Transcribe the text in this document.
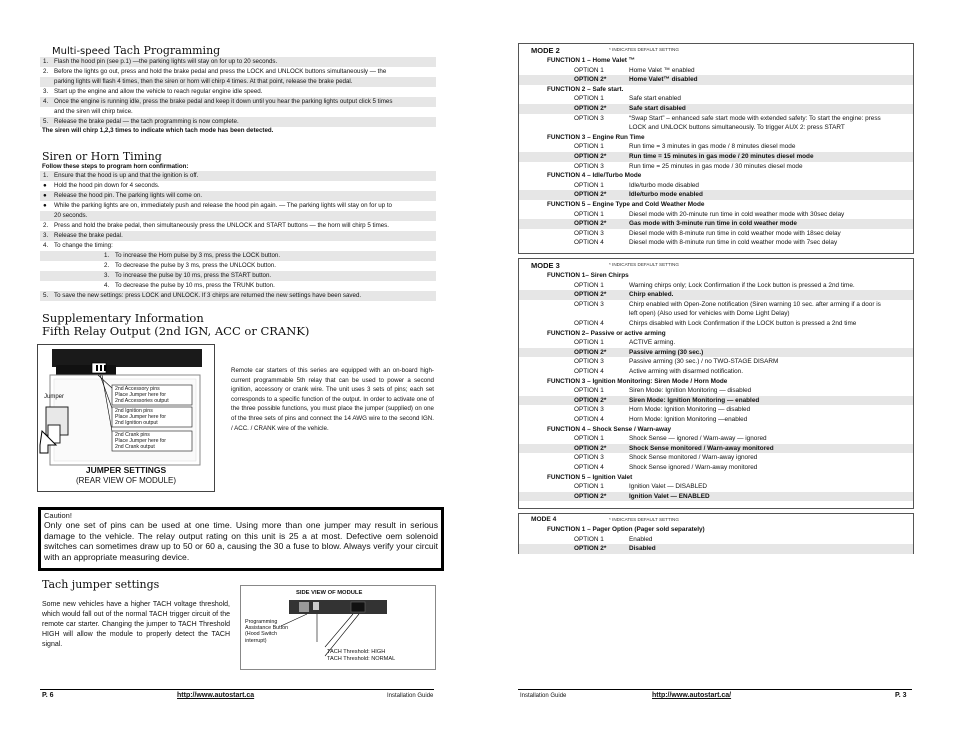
Multi-speed Tach Programming
1. Flash the hood pin (see p.1) —the parking lights will stay on for up to 20 seconds.
2. Before the lights go out, press and hold the brake pedal and press the LOCK and UNLOCK buttons simultaneously — the
parking lights will flash 4 times, then the siren or horn will chirp 4 times. At that point, release the brake pedal.
3. Start up the engine and allow the vehicle to reach regular engine idle speed.
4. Once the engine is running idle, press the brake pedal and keep it down until you hear the parking lights output click 5 times
and the siren will chirp twice.
5. Release the brake pedal — the tach programming is now complete.
The siren will chirp 1,2,3 times to indicate which tach mode has been detected.
Siren or Horn Timing
Follow these steps to program horn confirmation:
1. Ensure that the hood is up and that the ignition is off.
● Hold the hood pin down for 4 seconds.
● Release the hood pin. The parking lights will come on.
● While the parking lights are on, immediately push and release the hood pin again. — The parking lights will stay on for up to
20 seconds.
2. Press and hold the brake pedal, then simultaneously press the UNLOCK and START buttons — the horn will chirp 5 times.
3. Release the brake pedal.
4. To change the timing:
1. To increase the Horn pulse by 3 ms, press the LOCK button.
2. To decrease the pulse by 3 ms, press the UNLOCK button.
3. To increase the pulse by 10 ms, press the START button.
4. To decrease the pulse by 10 ms, press the TRUNK button.
5. To save the new settings: press LOCK and UNLOCK. If 3 chirps are returned the new settings have been saved.
Supplementary Information
Fifth Relay Output (2nd IGN, ACC or CRANK)
Jumper
2nd Accessory pins
Place Jumper here for
2nd Accessories output
2nd Ignition pins
Place Jumper here for
2nd Ignition output
2nd Crank pins
Place Jumper here for
2nd Crank output
JUMPER SETTINGS
(REAR VIEW OF MODULE)
Remote car starters of this series are equipped with an on-board high-current programmable 5th relay that can be used to power a second ignition, accessory or crank wire. The unit uses 3 sets of pins; each set corresponds to a specific function of the output. In order to activate one of the three possible functions, you must place the jumper (supplied) on one of the three sets of pins and connect the 14 AWG wire to the second IGN. / ACC. / CRANK wire of the vehicle.
Caution!
Only one set of pins can be used at one time. Using more than one jumper may result in serious damage to the vehicle. The relay output rating on this unit is 25 a at most. Defective oem solenoid switches can sometimes draw up to 50 or 60 a, causing the 30 a fuse to blow. Always verify your circuit with an appropriate measuring device.
Tach jumper settings
Some new vehicles have a higher TACH voltage threshold, which would fall out of the normal TACH trigger circuit of the remote car starter. Changing the jumper to TACH Threshold HIGH will allow the module to properly detect the TACH signal.
SIDE VIEW OF MODULE
Programming
Assistance Button
(Hood Switch
interrupt)
TACH Threshold: HIGH
TACH Threshold: NORMAL
P. 6	http://www.autostart.ca	Installation Guide
MODE 2	* INDICATES DEFAULT SETTING
FUNCTION 1 – Home Valet ™
OPTION 1	Home Valet ™ enabled
OPTION 2*	Home Valet™ disabled
FUNCTION 2 – Safe start.
OPTION 1	Safe start enabled
OPTION 2*	Safe start disabled
OPTION 3	“Swap Start” – enhanced safe start mode with extended safety: To start the engine: press
LOCK and UNLOCK buttons simultaneously. To trigger AUX 2: press START
FUNCTION 3 – Engine Run Time
OPTION 1	Run time = 3 minutes in gas mode / 8 minutes diesel mode
OPTION 2*	Run time = 15 minutes in gas mode / 20 minutes diesel mode
OPTION 3	Run time = 25 minutes in gas mode / 30 minutes diesel mode
FUNCTION 4 – Idle/Turbo Mode
OPTION 1	Idle/turbo mode disabled
OPTION 2*	Idle/turbo mode enabled
FUNCTION 5 – Engine Type and Cold Weather Mode
OPTION 1	Diesel mode with 20-minute run time in cold weather mode with 30sec delay
OPTION 2*	Gas mode with 3-minute run time in cold weather mode
OPTION 3	Diesel mode with 8-minute run time in cold weather mode with 18sec delay
OPTION 4	Diesel mode with 8-minute run time in cold weather mode with 7sec delay
MODE 3	* INDICATES DEFAULT SETTING
FUNCTION 1– Siren Chirps
OPTION 1	Warning chirps only; Lock Confirmation if the Lock button is pressed a 2nd time.
OPTION 2*	Chirp enabled.
OPTION 3	Chirp enabled with Open-Zone notification (Siren warning 10 sec. after arming if a door is
left open) (Also used for vehicles with Dome Light Delay)
OPTION 4	Chirps disabled with Lock Confirmation if the LOCK button is pressed a 2nd time
FUNCTION 2– Passive or active arming
OPTION 1	ACTIVE arming.
OPTION 2*	Passive arming (30 sec.)
OPTION 3	Passive arming (30 sec.) / no TWO-STAGE DISARM
OPTION 4	Active arming with disarmed notification.
FUNCTION 3 – Ignition Monitoring: Siren Mode / Horn Mode
OPTION 1	Siren Mode: Ignition Monitoring — disabled
OPTION 2*	Siren Mode: Ignition Monitoring — enabled
OPTION 3	Horn Mode: Ignition Monitoring — disabled
OPTION 4	Horn Mode: Ignition Monitoring —enabled
FUNCTION 4 – Shock Sense / Warn-away
OPTION 1	Shock Sense — ignored / Warn-away — ignored
OPTION 2*	Shock Sense monitored / Warn-away monitored
OPTION 3	Shock Sense monitored / Warn-away ignored
OPTION 4	Shock Sense ignored / Warn-away monitored
FUNCTION 5 – Ignition Valet
OPTION 1	Ignition Valet — DISABLED
OPTION 2*	Ignition Valet — ENABLED
MODE 4	* INDICATES DEFAULT SETTING
FUNCTION 1 – Pager Option (Pager sold separately)
OPTION 1	Enabled
OPTION 2*	Disabled
Installation Guide	http://www.autostart.ca/	P. 3
